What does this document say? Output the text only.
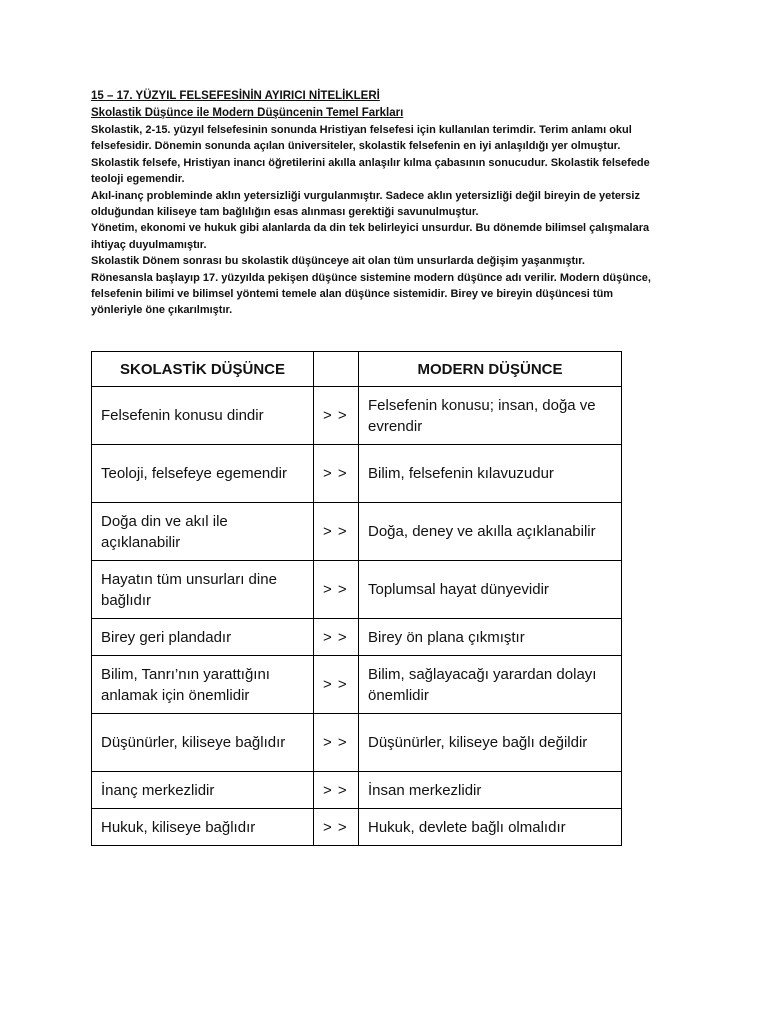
15 – 17. YÜZYIL FELSEFESİNİN AYIRICI NİTELİKLERİ
Skolastik Düşünce ile Modern Düşüncenin Temel Farkları

Skolastik, 2-15. yüzyıl felsefesinin sonunda Hristiyan felsefesi için kullanılan terimdir. Terim anlamı okul felsefesidir. Dönemin sonunda açılan üniversiteler, skolastik felsefenin en iyi anlaşıldığı yer olmuştur.

Skolastik felsefe, Hristiyan inancı öğretilerini akılla anlaşılır kılma çabasının sonucudur. Skolastik felsefede teoloji egemendir.

Akıl-inanç probleminde aklın yetersizliği vurgulanmıştır. Sadece aklın yetersizliği değil bireyin de yetersiz olduğundan kiliseye tam bağlılığın esas alınması gerektiği savunulmuştur.

Yönetim, ekonomi ve hukuk gibi alanlarda da din tek belirleyici unsurdur. Bu dönemde bilimsel çalışmalara ihtiyaç duyulmamıştır.

Skolastik Dönem sonrası bu skolastik düşünceye ait olan tüm unsurlarda değişim yaşanmıştır.

Rönesansla başlayıp 17. yüzyılda pekişen düşünce sistemine modern düşünce adı verilir. Modern düşünce, felsefenin bilimi ve bilimsel yöntemi temele alan düşünce sistemidir. Birey ve bireyin düşüncesi tüm yönleriyle öne çıkarılmıştır.

SKOLASTİK DÜŞÜNCE		MODERN DÜŞÜNCE
Felsefenin konusu dindir	> >	Felsefenin konusu; insan, doğa ve evrendir
Teoloji, felsefeye egemendir	> >	Bilim, felsefenin kılavuzudur
Doğa din ve akıl ile açıklanabilir	> >	Doğa, deney ve akılla açıklanabilir
Hayatın tüm unsurları dine bağlıdır	> >	Toplumsal hayat dünyevidir
Birey geri plandadır	> >	Birey ön plana çıkmıştır
Bilim, Tanrı’nın yarattığını anlamak için önemlidir	> >	Bilim, sağlayacağı yarardan dolayı önemlidir
Düşünürler, kiliseye bağlıdır	> >	Düşünürler, kiliseye bağlı değildir
İnanç merkezlidir	> >	İnsan merkezlidir
Hukuk, kiliseye bağlıdır	> >	Hukuk, devlete bağlı olmalıdır
